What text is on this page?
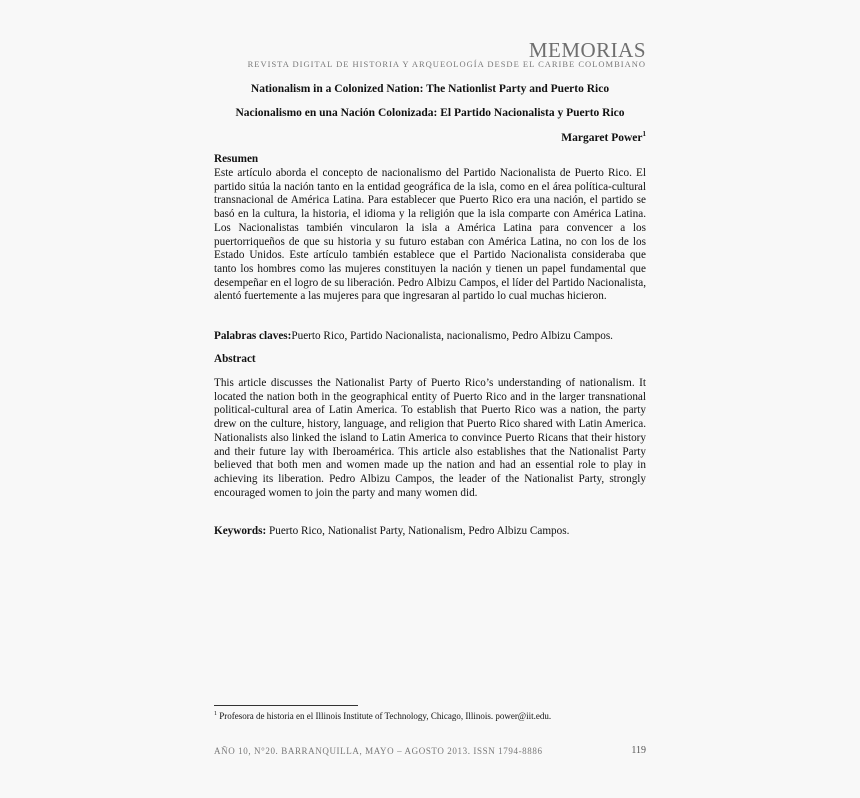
MEMORIAS
REVISTA DIGITAL DE HISTORIA Y ARQUEOLOGÍA DESDE EL CARIBE COLOMBIANO
Nationalism in a Colonized Nation: The Nationlist Party and Puerto Rico
Nacionalismo en una Nación Colonizada: El Partido Nacionalista y Puerto Rico
Margaret Power$^1$
Resumen
Este artículo aborda el concepto de nacionalismo del Partido Nacionalista de Puerto Rico. El partido sitúa la nación tanto en la entidad geográfica de la isla, como en el área política-cultural transnacional de América Latina. Para establecer que Puerto Rico era una nación, el partido se basó en la cultura, la historia, el idioma y la religión que la isla comparte con América Latina. Los Nacionalistas también vincularon la isla a América Latina para convencer a los puertorriqueños de que su historia y su futuro estaban con América Latina, no con los de los Estado Unidos. Este artículo también establece que el Partido Nacionalista consideraba que tanto los hombres como las mujeres constituyen la nación y tienen un papel fundamental que desempeñar en el logro de su liberación. Pedro Albizu Campos, el líder del Partido Nacionalista, alentó fuertemente a las mujeres para que ingresaran al partido lo cual muchas hicieron.
Palabras claves:Puerto Rico, Partido Nacionalista, nacionalismo, Pedro Albizu Campos.
Abstract
This article discusses the Nationalist Party of Puerto Rico’s understanding of nationalism. It located the nation both in the geographical entity of Puerto Rico and in the larger transnational political-cultural area of Latin America. To establish that Puerto Rico was a nation, the party drew on the culture, history, language, and religion that Puerto Rico shared with Latin America. Nationalists also linked the island to Latin America to convince Puerto Ricans that their history and their future lay with Iberoamérica. This article also establishes that the Nationalist Party believed that both men and women made up the nation and had an essential role to play in achieving its liberation. Pedro Albizu Campos, the leader of the Nationalist Party, strongly encouraged women to join the party and many women did.
Keywords: Puerto Rico, Nationalist Party, Nationalism, Pedro Albizu Campos.
$^1$ Profesora de historia en el Illinois Institute of Technology, Chicago, Illinois. power@iit.edu.
AÑO 10, N°20. BARRANQUILLA, MAYO – AGOSTO 2013. ISSN 1794-8886	119
